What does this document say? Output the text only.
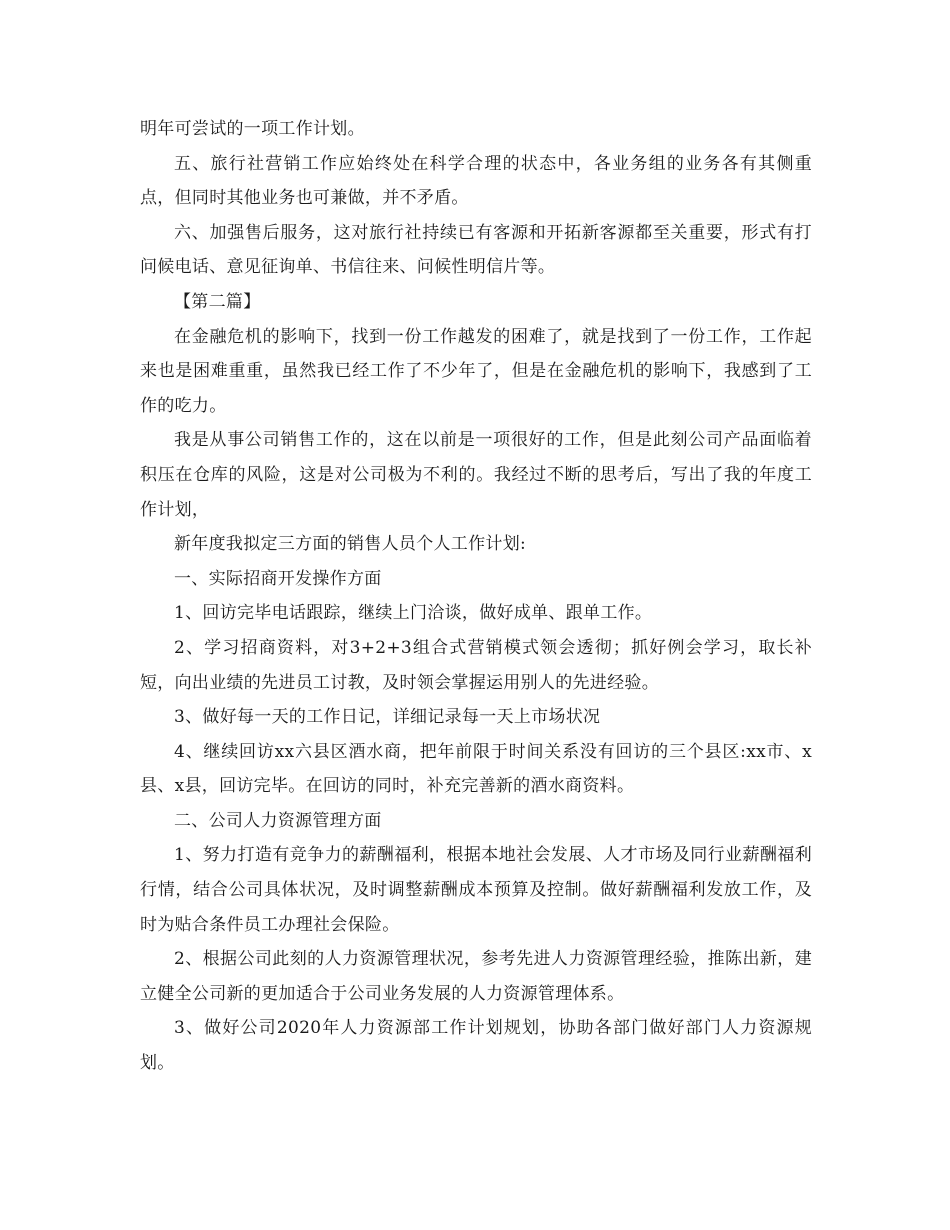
明年可尝试的一项工作计划。

五、旅行社营销工作应始终处在科学合理的状态中，各业务组的业务各有其侧重点，但同时其他业务也可兼做，并不矛盾。

六、加强售后服务，这对旅行社持续已有客源和开拓新客源都至关重要，形式有打问候电话、意见征询单、书信往来、问候性明信片等。

【第二篇】

在金融危机的影响下，找到一份工作越发的困难了，就是找到了一份工作，工作起来也是困难重重，虽然我已经工作了不少年了，但是在金融危机的影响下，我感到了工作的吃力。

我是从事公司销售工作的，这在以前是一项很好的工作，但是此刻公司产品面临着积压在仓库的风险，这是对公司极为不利的。我经过不断的思考后，写出了我的年度工作计划，

新年度我拟定三方面的销售人员个人工作计划:

一、实际招商开发操作方面

1、回访完毕电话跟踪，继续上门洽谈，做好成单、跟单工作。

2、学习招商资料，对3+2+3组合式营销模式领会透彻；抓好例会学习，取长补短，向出业绩的先进员工讨教，及时领会掌握运用别人的先进经验。

3、做好每一天的工作日记，详细记录每一天上市场状况

4、继续回访xx六县区酒水商，把年前限于时间关系没有回访的三个县区:xx市、x县、x县，回访完毕。在回访的同时，补充完善新的酒水商资料。

二、公司人力资源管理方面

1、努力打造有竞争力的薪酬福利，根据本地社会发展、人才市场及同行业薪酬福利行情，结合公司具体状况，及时调整薪酬成本预算及控制。做好薪酬福利发放工作，及时为贴合条件员工办理社会保险。

2、根据公司此刻的人力资源管理状况，参考先进人力资源管理经验，推陈出新，建立健全公司新的更加适合于公司业务发展的人力资源管理体系。

3、做好公司2020年人力资源部工作计划规划，协助各部门做好部门人力资源规划。
